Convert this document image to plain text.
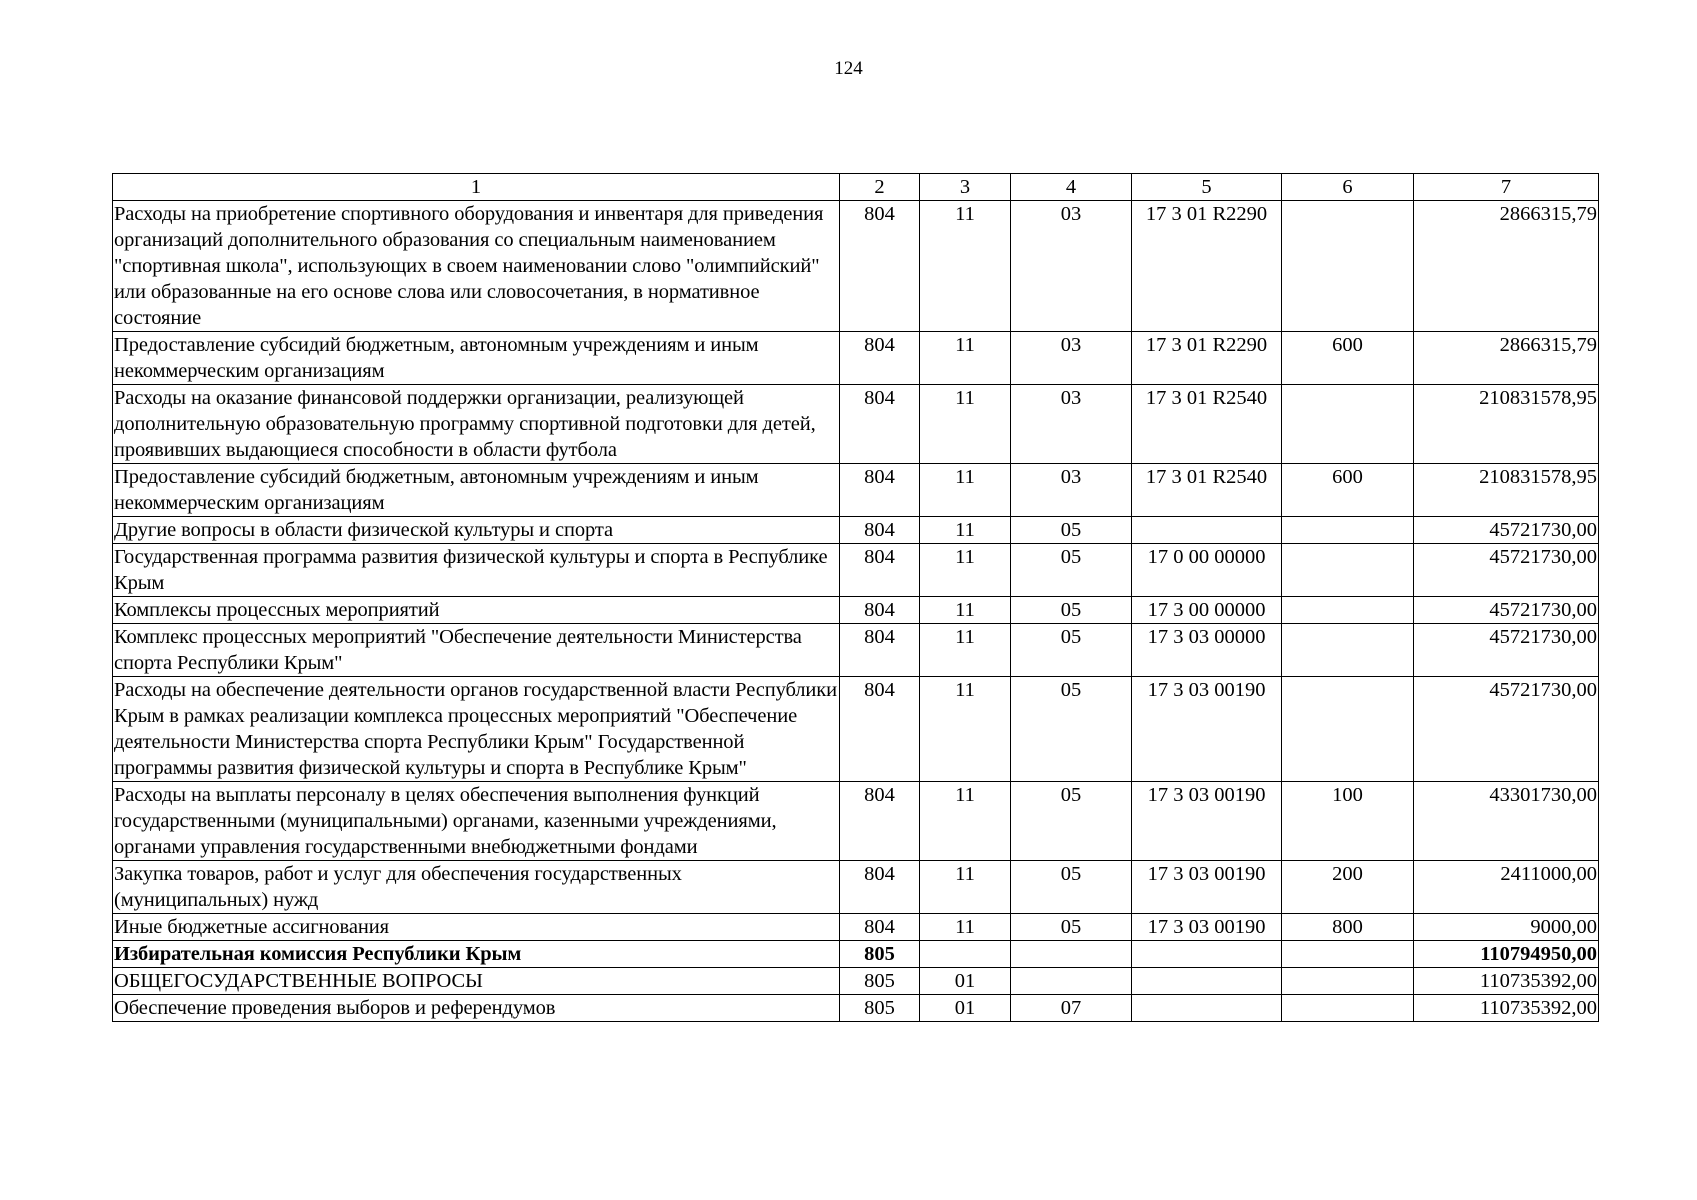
124
1	2	3	4	5	6	7
Расходы на приобретение спортивного оборудования и инвентаря для приведения организаций дополнительного образования со специальным наименованием "спортивная школа", использующих в своем наименовании слово "олимпийский" или образованные на его основе слова или словосочетания, в нормативное состояние	804	11	03	17 3 01 R2290		2866315,79
Предоставление субсидий бюджетным, автономным учреждениям и иным некоммерческим организациям	804	11	03	17 3 01 R2290	600	2866315,79
Расходы на оказание финансовой поддержки организации, реализующей дополнительную образовательную программу спортивной подготовки для детей, проявивших выдающиеся способности в области футбола	804	11	03	17 3 01 R2540		210831578,95
Предоставление субсидий бюджетным, автономным учреждениям и иным некоммерческим организациям	804	11	03	17 3 01 R2540	600	210831578,95
Другие вопросы в области физической культуры и спорта	804	11	05			45721730,00
Государственная программа развития физической культуры и спорта в Республике Крым	804	11	05	17 0 00 00000		45721730,00
Комплексы процессных мероприятий	804	11	05	17 3 00 00000		45721730,00
Комплекс процессных мероприятий "Обеспечение деятельности Министерства спорта Республики Крым"	804	11	05	17 3 03 00000		45721730,00
Расходы на обеспечение деятельности органов государственной власти Республики Крым в рамках реализации комплекса процессных мероприятий "Обеспечение деятельности Министерства спорта Республики Крым" Государственной программы развития физической культуры и спорта в Республике Крым"	804	11	05	17 3 03 00190		45721730,00
Расходы на выплаты персоналу в целях обеспечения выполнения функций государственными (муниципальными) органами, казенными учреждениями, органами управления государственными внебюджетными фондами	804	11	05	17 3 03 00190	100	43301730,00
Закупка товаров, работ и услуг для обеспечения государственных (муниципальных) нужд	804	11	05	17 3 03 00190	200	2411000,00
Иные бюджетные ассигнования	804	11	05	17 3 03 00190	800	9000,00
Избирательная комиссия Республики Крым	805					110794950,00
ОБЩЕГОСУДАРСТВЕННЫЕ ВОПРОСЫ	805	01				110735392,00
Обеспечение проведения выборов и референдумов	805	01	07			110735392,00
